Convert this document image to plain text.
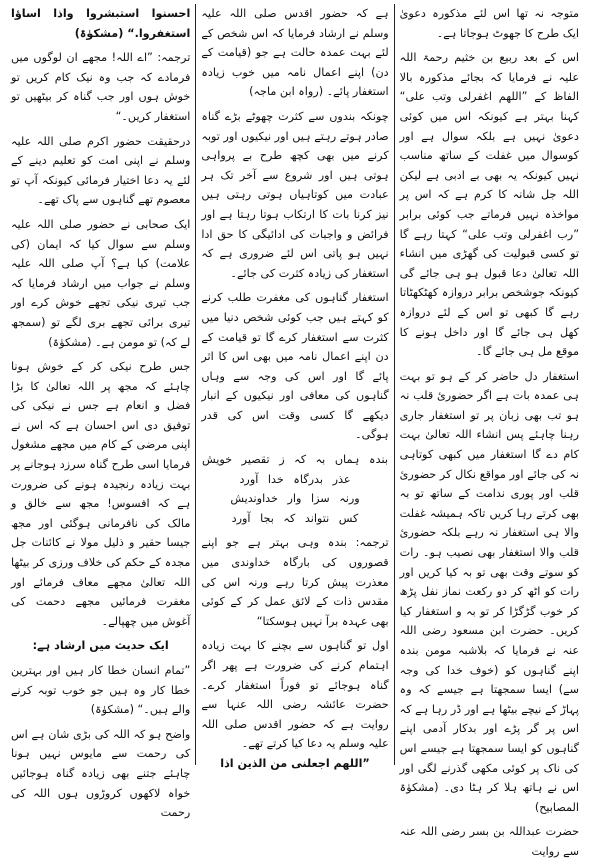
متوجہ نہ تھا اس لئے مذکورہ دعویٰ ایک طرح کا جھوٹ ہوجاتا ہے۔

اس کے بعد ربیع بن خثیم رحمۃ اللہ علیہ نے فرمایا کہ بجائے مذکورہ بالا الفاظ کے ”اللھم اغفرلی وتب علی“ کہنا بہتر ہے کیونکہ اس میں کوئی دعویٰ نہیں ہے بلکہ سوال ہے اور کوسوال میں غفلت کے ساتھ مناسب نہیں کیونکہ یہ بھی بے ادبی ہے لیکن اللہ جل شانہ کا کرم ہے کہ اس پر مواخذہ نہیں فرماتے جب کوئی برابر ”رب اغفرلی وتب علی“ کہتا رہے گا تو کسی قبولیت کی گھڑی میں انشاء اللہ تعالیٰ دعا قبول ہو ہی جائے گی کیونکہ جوشخص برابر دروازہ کھٹکھٹاتا رہے گا کبھی تو اس کے لئے دروازہ کھل ہی جائے گا اور داخل ہونے کا موقع مل ہی جائے گا۔

استغفار دل حاضر کر کے ہو تو بہت ہی عمدہ بات ہے اگر حضوریٔ قلب نہ ہو تب بھی زبان پر تو استغفار جاری رہنا چاہئے پس انشاء اللہ تعالیٰ بہت کام دے گا استغفار میں کبھی کوتاہی نہ کی جائے اور مواقع نکال کر حضوریٔ قلب اور پوری ندامت کے ساتھ تو بہ بھی کرتے رہا کریں تاکہ ہمیشہ غفلت والا ہی استغفار نہ رہے بلکہ حضوریٔ قلب والا استغفار بھی نصیب ہو۔ رات کو سوتے وقت بھی تو بہ کیا کریں اور رات کو اٹھ کر دو رکعت نماز نفل پڑھ کر خوب گڑگڑا کر تو بہ و استغفار کیا کریں۔ حضرت ابن مسعود رضی اللہ عنہ نے فرمایا کہ بلاشبہ مومن بندہ اپنے گناہوں کو (خوف خدا کی وجہ سے) ایسا سمجھتا ہے جیسے کہ وہ پہاڑ کے نیچے بیٹھا ہے اور ڈر رہا ہے کہ اس پر گر پڑے اور بدکار آدمی اپنے گناہوں کو ایسا سمجھتا ہے جیسے اس کی ناک پر کوئی مکھی گذرنے لگی اور اس نے ہاتھ ہلا کر ہٹا دی۔ (مشکوٰۃ المصابیح)

حضرت عبداللہ بن بسر رضی اللہ عنہ سے روایت

ہے کہ حضور اقدس صلی اللہ علیہ وسلم نے ارشاد فرمایا کہ اس شخص کے لئے بہت عمدہ حالت ہے جو (قیامت کے دن) اپنے اعمال نامہ میں خوب زیادہ استغفار پائے۔ (رواہ ابن ماجہ)

چونکہ بندوں سے کثرت چھوٹے بڑے گناہ صادر ہوتے رہتے ہیں اور نیکیوں اور توبہ کرنے میں بھی کچھ طرح بے پرواہی ہوتی ہیں اور شروع سے آخر تک ہر عبادت میں کوتاہیاں ہوتی رہتی ہیں نیز کرنا بات کا ارتکاب ہوتا رہتا ہے اور فرائض و واجبات کی ادائیگی کا حق ادا نہیں ہو پاتی اس لئے ضروری ہے کہ استغفار کی زیادہ کثرت کی جائے۔

استغفار گناہوں کی مغفرت طلب کرنے کو کہتے ہیں جب کوئی شخص دنیا میں کثرت سے استغفار کرے گا تو قیامت کے دن اپنے اعمال نامہ میں بھی اس کا اثر پائے گا اور اس کی وجہ سے وہاں گناہوں کی معافی اور نیکیوں کے انبار دیکھے گا کسی وقت اس کی قدر ہوگی۔

بندہ ہماں بہ کہ ز تقصیر خویش
عذر بدرگاہ خدا آورد
ورنہ سزا وار خداوندیش
کس نتواند کہ بجا آورد

ترجمہ: بندہ وہی بہتر ہے جو اپنے قصوروں کی بارگاہ خداوندی میں معذرت پیش کرتا رہے ورنہ اس کی مقدس ذات کے لائق عمل کر کے کوئی بھی عہدہ برآ نہیں ہوسکتا“

اول تو گناہوں سے بچنے کا بہت زیادہ اہتمام کرنے کی ضرورت ہے پھر اگر گناہ ہوجائے تو فوراً استغفار کرے۔ حضرت عائشہ رضی اللہ عنہا سے روایت ہے کہ حضور اقدس صلی اللہ علیہ وسلم یہ دعا کیا کرتے تھے۔

”اللھم اجعلنی من الذین اذا

احسنوا استبشروا واذا اساؤا استغفروا.“ (مشکوٰۃ)

ترجمہ: ”اے اللہ! مجھے ان لوگوں میں فرمادے کہ جب وہ نیک کام کریں تو خوش ہوں اور جب گناہ کر بیٹھیں تو استغفار کریں۔“

درحقیقت حضور اکرم صلی اللہ علیہ وسلم نے اپنی امت کو تعلیم دینے کے لئے یہ دعا اختیار فرمائی کیونکہ آپ تو معصوم تھے گناہوں سے پاک تھے۔

ایک صحابی نے حضور صلی اللہ علیہ وسلم سے سوال کیا کہ ایمان (کی علامت) کیا ہے؟ آپ صلی اللہ علیہ وسلم نے جواب میں ارشاد فرمایا کہ جب تیری نیکی تجھے خوش کرے اور تیری برائی تجھے بری لگے تو (سمجھ لے کہ) تو مومن ہے۔ (مشکوٰۃ)

جس طرح نیکی کر کے خوش ہونا چاہئے کہ مجھ پر اللہ تعالیٰ کا بڑا فضل و انعام ہے جس نے نیکی کی توفیق دی اس احسان ہے کہ اس نے اپنی مرضی کے کام میں مجھے مشغول فرمایا اسی طرح گناہ سرزد ہوجانے پر بہت زیادہ رنجیدہ ہونے کی ضرورت ہے کہ افسوس! مجھ سے خالق و مالک کی نافرمانی ہوگئی اور مجھ جیسا حقیر و ذلیل مولا نے کائنات جل مجدہ کے حکم کی خلاف ورزی کر بیٹھا اللہ تعالیٰ مجھے معاف فرمائے اور مغفرت فرمائیں مجھے دحمت کی آغوش میں چھپالے۔

ایک حدیث میں ارشاد ہے:

”تمام انسان خطا کار ہیں اور بہترین خطا کار وہ ہیں جو خوب توبہ کرنے والے ہیں۔“ (مشکوٰۃ)

واضح ہو کہ اللہ کی بڑی شان ہے اس کی رحمت سے مایوس نہیں ہونا چاہئے جتنے بھی زیادہ گناہ ہوجائیں خواہ لاکھوں کروڑوں ہوں اللہ کی رحمت
